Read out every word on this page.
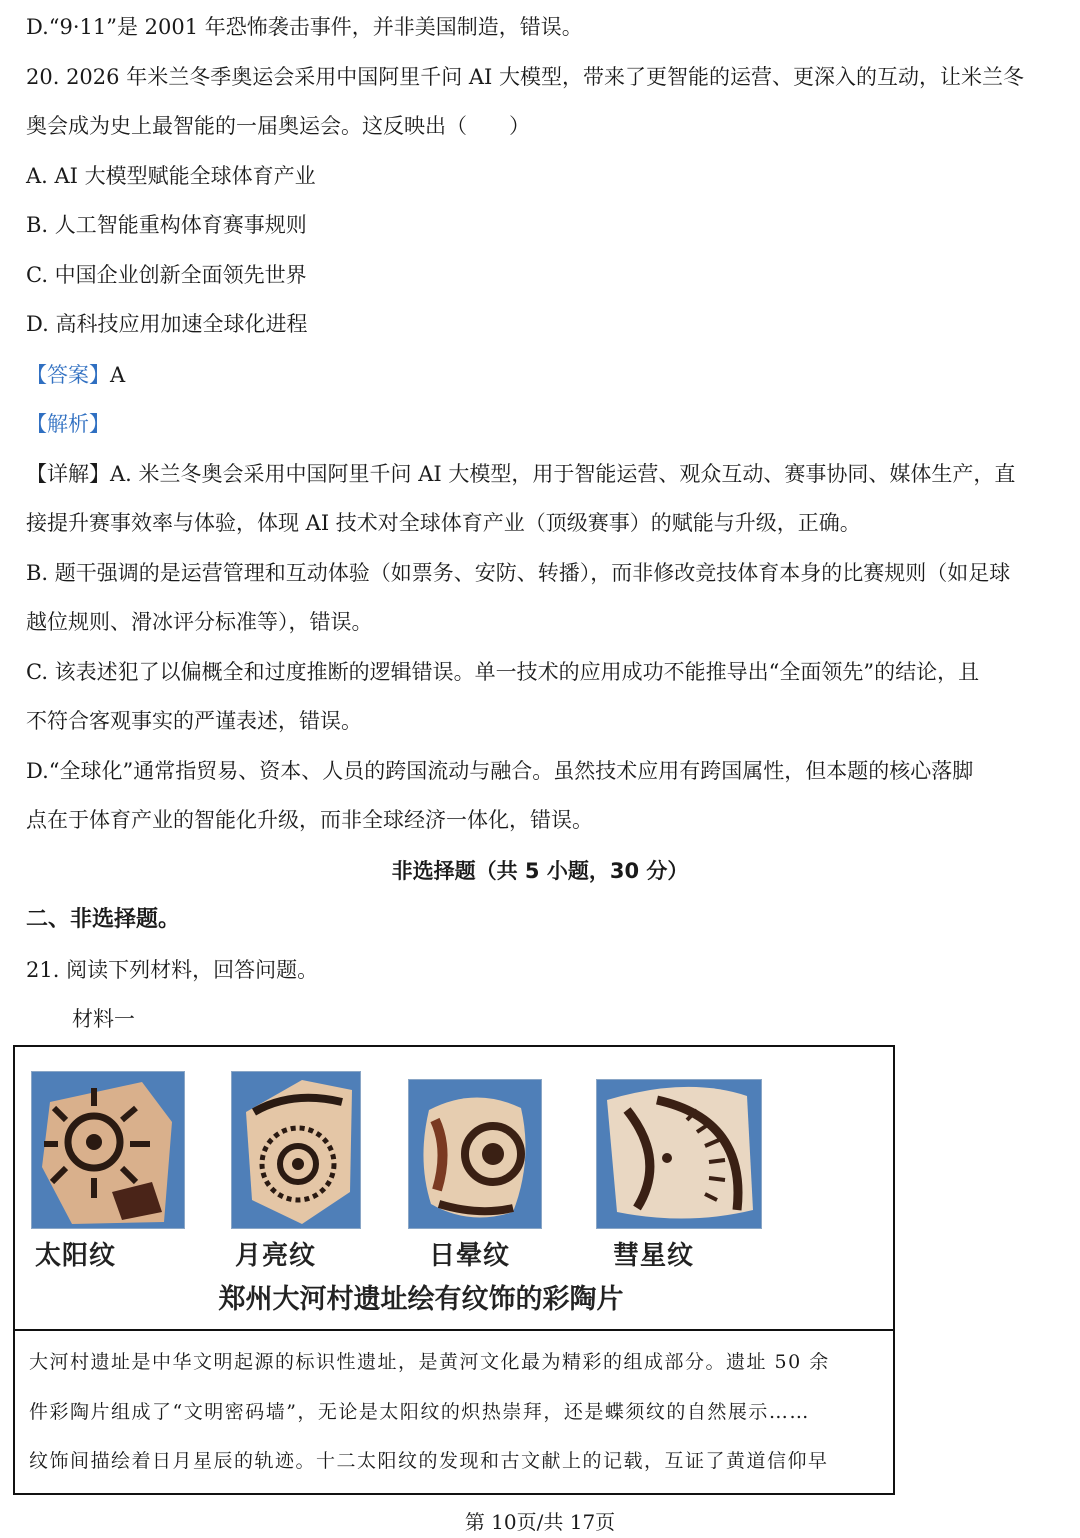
D.“9·11”是 2001 年恐怖袭击事件，并非美国制造，错误。
20. 2026 年米兰冬季奥运会采用中国阿里千问 AI 大模型，带来了更智能的运营、更深入的互动，让米兰冬
奥会成为史上最智能的一届奥运会。这反映出（　　）
A. AI 大模型赋能全球体育产业
B. 人工智能重构体育赛事规则
C. 中国企业创新全面领先世界
D. 高科技应用加速全球化进程
【答案】A
【解析】
【详解】A. 米兰冬奥会采用中国阿里千问 AI 大模型，用于智能运营、观众互动、赛事协同、媒体生产，直
接提升赛事效率与体验，体现 AI 技术对全球体育产业（顶级赛事）的赋能与升级，正确。
B. 题干强调的是运营管理和互动体验（如票务、安防、转播），而非修改竞技体育本身的比赛规则（如足球
越位规则、滑冰评分标准等），错误。
C. 该表述犯了以偏概全和过度推断的逻辑错误。单一技术的应用成功不能推导出“全面领先”的结论，且
不符合客观事实的严谨表述，错误。
D.“全球化”通常指贸易、资本、人员的跨国流动与融合。虽然技术应用有跨国属性，但本题的核心落脚
点在于体育产业的智能化升级，而非全球经济一体化，错误。
非选择题（共 5 小题，30 分）
二、非选择题。
21. 阅读下列材料，回答问题。
材料一
太阳纹	月亮纹	日晕纹	彗星纹
郑州大河村遗址绘有纹饰的彩陶片
大河村遗址是中华文明起源的标识性遗址，是黄河文化最为精彩的组成部分。遗址 50 余
件彩陶片组成了“文明密码墙”，无论是太阳纹的炽热崇拜，还是蝶须纹的自然展示……
纹饰间描绘着日月星辰的轨迹。十二太阳纹的发现和古文献上的记载，互证了黄道信仰早
第 10页/共 17页
